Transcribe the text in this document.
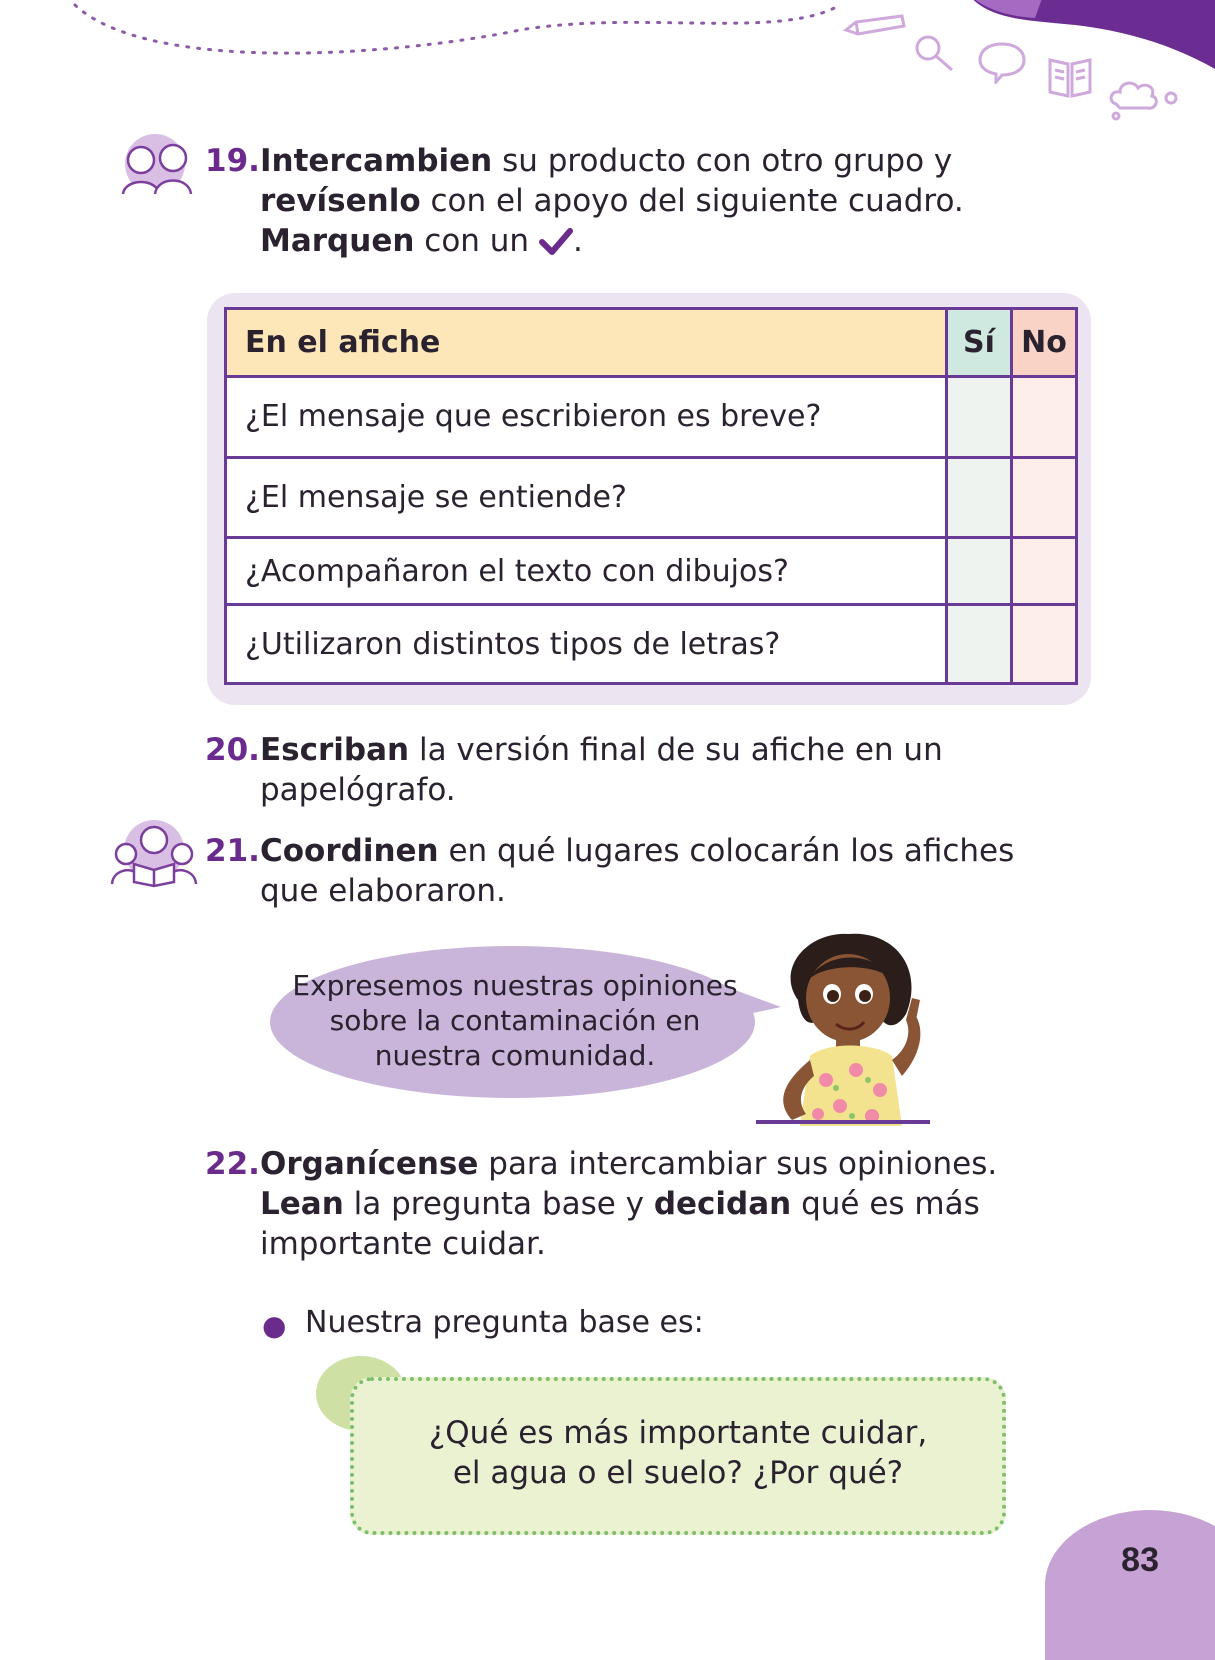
19. Intercambien su producto con otro grupo y
revísenlo con el apoyo del siguiente cuadro.
Marquen con un .
En el afiche	Sí	No
¿El mensaje que escribieron es breve?		
¿El mensaje se entiende?		
¿Acompañaron el texto con dibujos?		
¿Utilizaron distintos tipos de letras?		
20. Escriban la versión final de su afiche en un
papelógrafo.
21. Coordinen en qué lugares colocarán los afiches
que elaboraron.
Expresemos nuestras opiniones
sobre la contaminación en
nuestra comunidad.
22. Organícense para intercambiar sus opiniones.
Lean la pregunta base y decidan qué es más
importante cuidar.
● Nuestra pregunta base es:
¿Qué es más importante cuidar,
el agua o el suelo? ¿Por qué?
83
